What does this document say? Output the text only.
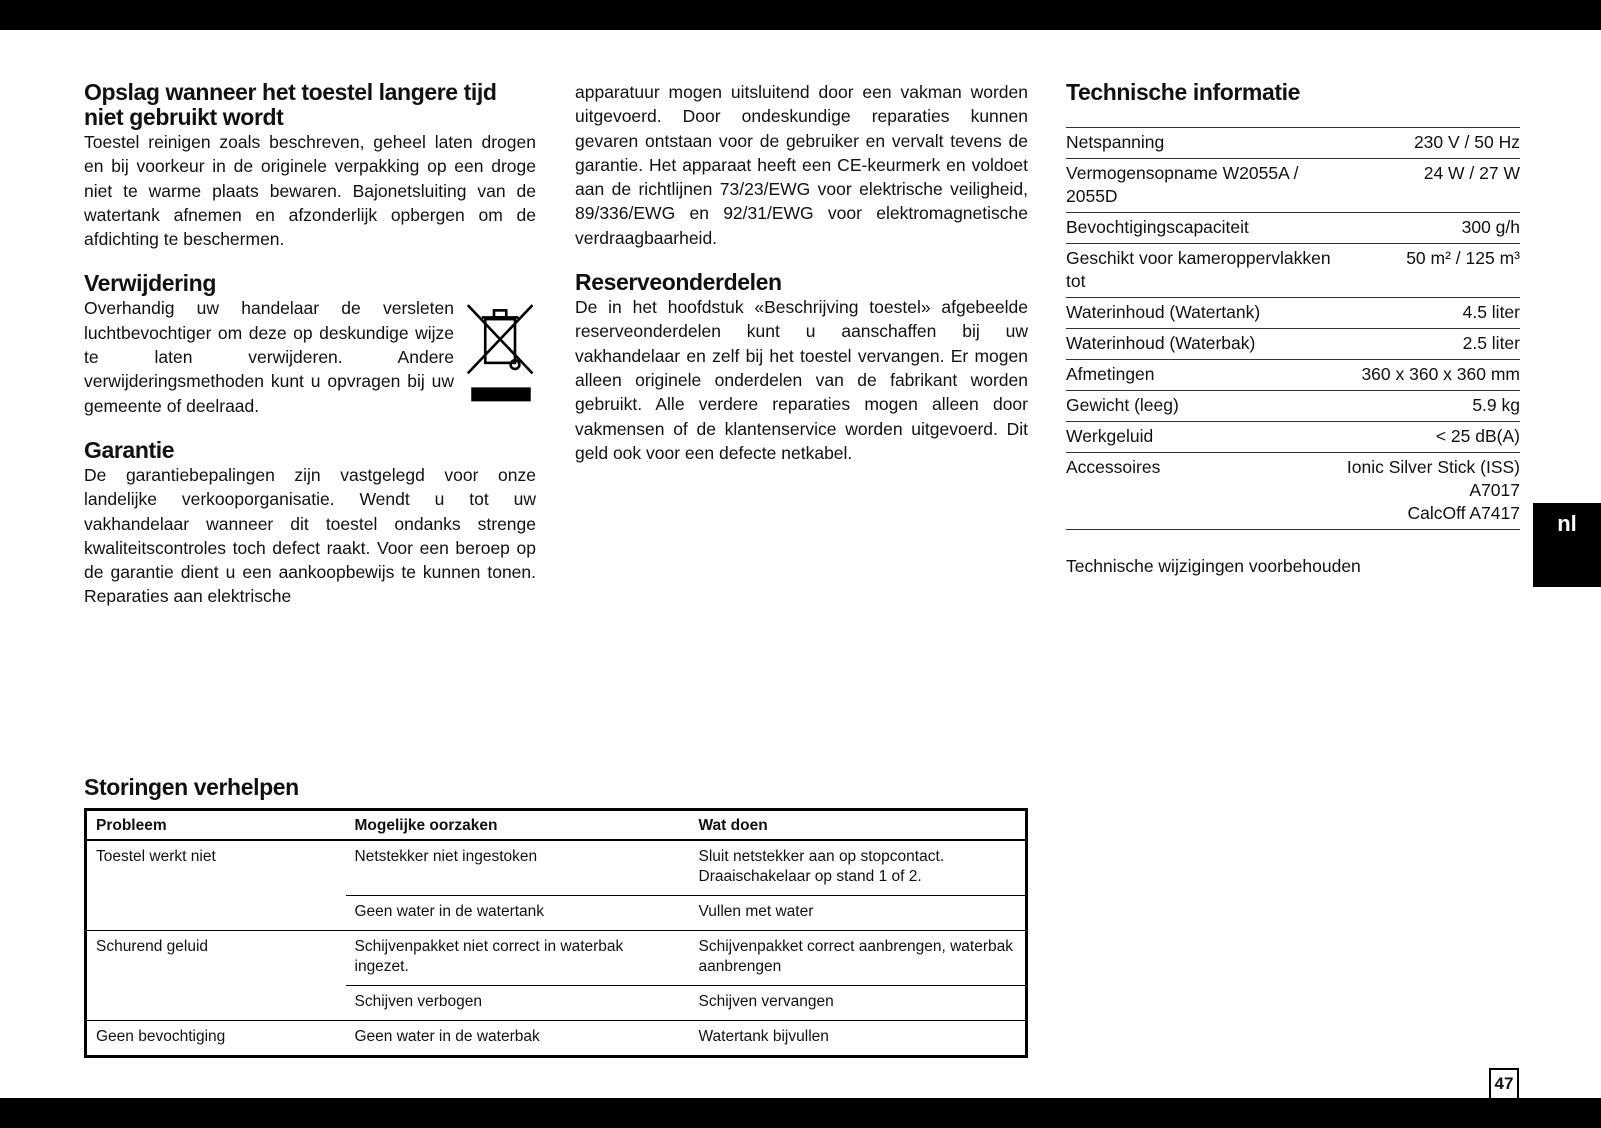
Opslag wanneer het toestel langere tijd niet gebruikt wordt

Toestel reinigen zoals beschreven, geheel laten drogen en bij voorkeur in de originele verpakking op een droge niet te warme plaats bewaren. Bajonetsluiting van de watertank afnemen en afzonderlijk opbergen om de afdichting te beschermen.

Verwijdering

Overhandig uw handelaar de versleten luchtbevochtiger om deze op deskundige wijze te laten verwijderen. Andere verwijderingsmethoden kunt u opvragen bij uw gemeente of deelraad.

Garantie

De garantiebepalingen zijn vastgelegd voor onze landelijke verkooporganisatie. Wendt u tot uw vakhandelaar wanneer dit toestel ondanks strenge kwaliteitscontroles toch defect raakt. Voor een beroep op de garantie dient u een aankoopbewijs te kunnen tonen. Reparaties aan elektrische

apparatuur mogen uitsluitend door een vakman worden uitgevoerd. Door ondeskundige reparaties kunnen gevaren ontstaan voor de gebruiker en vervalt tevens de garantie. Het apparaat heeft een CE-keurmerk en voldoet aan de richtlijnen 73/23/EWG voor elektrische veiligheid, 89/336/EWG en 92/31/EWG voor elektromagnetische verdraagbaarheid.

Reserveonderdelen

De in het hoofdstuk «Beschrijving toestel» afgebeelde reserveonderdelen kunt u aanschaffen bij uw vakhandelaar en zelf bij het toestel vervangen. Er mogen alleen originele onderdelen van de fabrikant worden gebruikt. Alle verdere reparaties mogen alleen door vakmensen of de klantenservice worden uitgevoerd. Dit geld ook voor een defecte netkabel.

Technische informatie
Netspanning	230 V / 50 Hz
Vermogensopname W2055A / 2055D	24 W / 27 W
Bevochtigingscapaciteit	300 g/h
Geschikt voor kameroppervlakken tot	50 m² / 125 m³
Waterinhoud (Watertank)	4.5 liter
Waterinhoud (Waterbak)	2.5 liter
Afmetingen	360 x 360 x 360 mm
Gewicht (leeg)	5.9 kg
Werkgeluid	< 25 dB(A)
Accessoires	Ionic Silver Stick (ISS) A7017
CalcOff A7417
Technische wijzigingen voorbehouden
Storingen verhelpen
Probleem	Mogelijke oorzaken	Wat doen
Toestel werkt niet	Netstekker niet ingestoken	Sluit netstekker aan op stopcontact. Draaischakelaar op stand 1 of 2.
	Geen water in de watertank	Vullen met water
Schurend geluid	Schijvenpakket niet correct in waterbak ingezet.	Schijvenpakket correct aanbrengen, waterbak aanbrengen
	Schijven verbogen	Schijven vervangen
Geen bevochtiging	Geen water in de waterbak	Watertank bijvullen
nl
47
